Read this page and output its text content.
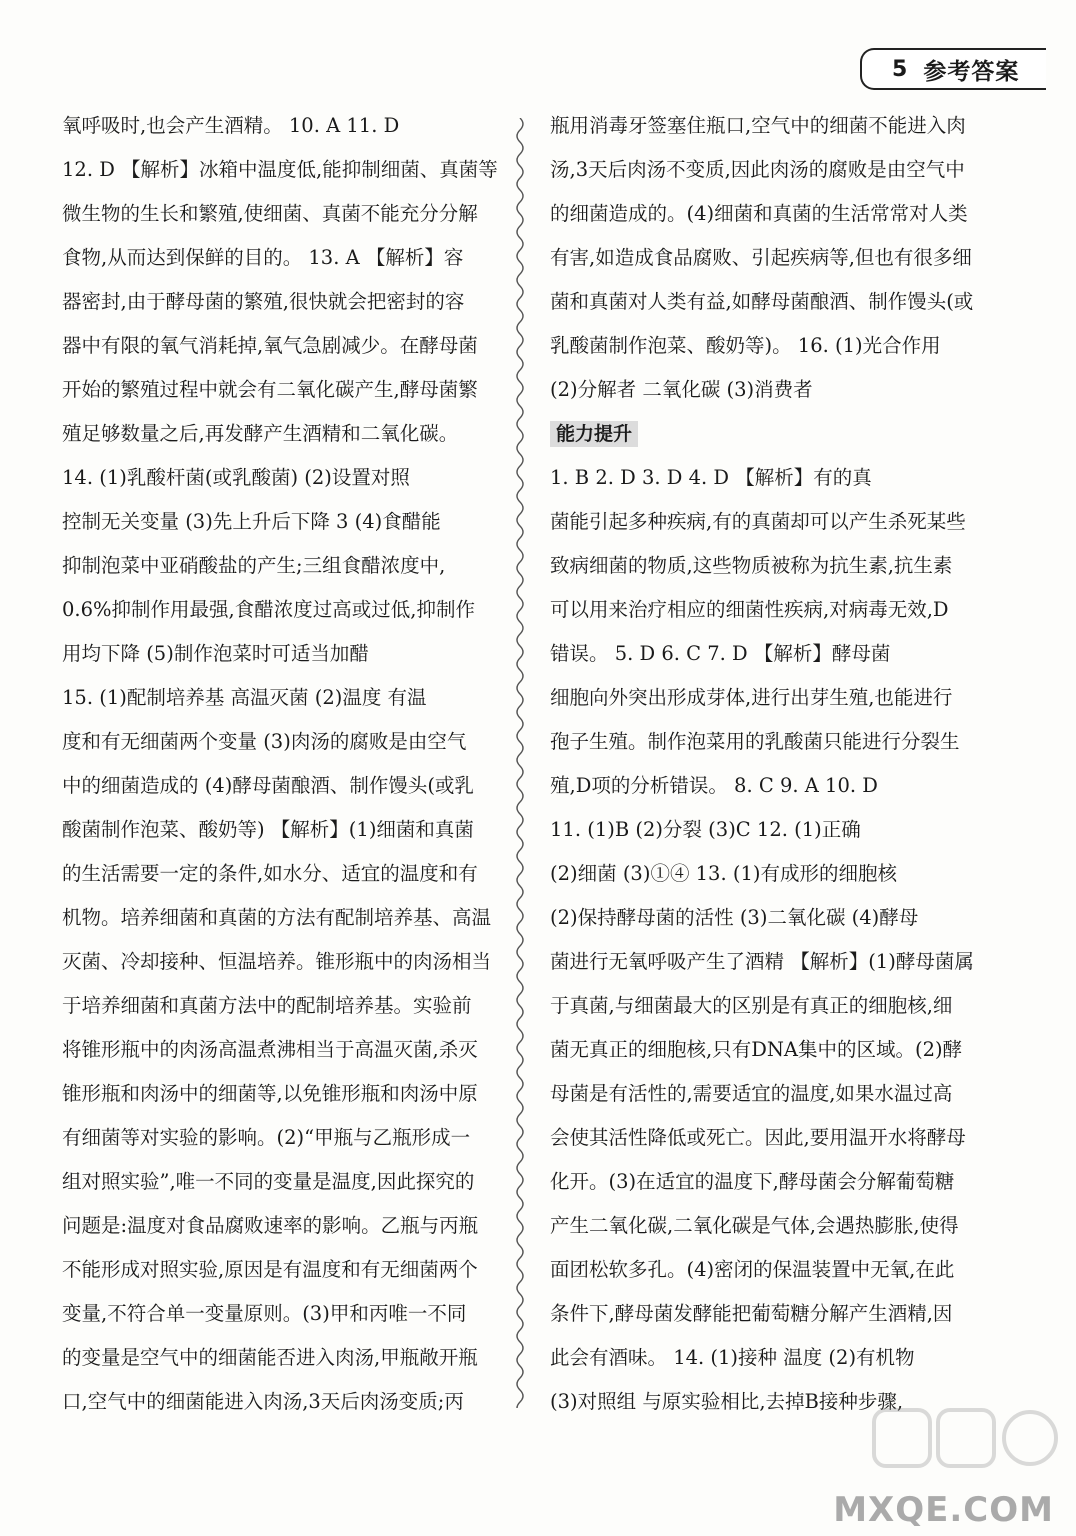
5 参考答案
氧呼吸时,也会产生酒精。 10. A 11. D
12. D 【解析】冰箱中温度低,能抑制细菌、真菌等
微生物的生长和繁殖,使细菌、真菌不能充分分解
食物,从而达到保鲜的目的。 13. A 【解析】容
器密封,由于酵母菌的繁殖,很快就会把密封的容
器中有限的氧气消耗掉,氧气急剧减少。在酵母菌
开始的繁殖过程中就会有二氧化碳产生,酵母菌繁
殖足够数量之后,再发酵产生酒精和二氧化碳。
14. (1)乳酸杆菌(或乳酸菌) (2)设置对照
控制无关变量 (3)先上升后下降 3 (4)食醋能
抑制泡菜中亚硝酸盐的产生;三组食醋浓度中,
0.6%抑制作用最强,食醋浓度过高或过低,抑制作
用均下降 (5)制作泡菜时可适当加醋
15. (1)配制培养基 高温灭菌 (2)温度 有温
度和有无细菌两个变量 (3)肉汤的腐败是由空气
中的细菌造成的 (4)酵母菌酿酒、制作馒头(或乳
酸菌制作泡菜、酸奶等) 【解析】(1)细菌和真菌
的生活需要一定的条件,如水分、适宜的温度和有
机物。培养细菌和真菌的方法有配制培养基、高温
灭菌、冷却接种、恒温培养。锥形瓶中的肉汤相当
于培养细菌和真菌方法中的配制培养基。实验前
将锥形瓶中的肉汤高温煮沸相当于高温灭菌,杀灭
锥形瓶和肉汤中的细菌等,以免锥形瓶和肉汤中原
有细菌等对实验的影响。(2)“甲瓶与乙瓶形成一
组对照实验”,唯一不同的变量是温度,因此探究的
问题是:温度对食品腐败速率的影响。乙瓶与丙瓶
不能形成对照实验,原因是有温度和有无细菌两个
变量,不符合单一变量原则。(3)甲和丙唯一不同
的变量是空气中的细菌能否进入肉汤,甲瓶敞开瓶
口,空气中的细菌能进入肉汤,3天后肉汤变质;丙
瓶用消毒牙签塞住瓶口,空气中的细菌不能进入肉
汤,3天后肉汤不变质,因此肉汤的腐败是由空气中
的细菌造成的。(4)细菌和真菌的生活常常对人类
有害,如造成食品腐败、引起疾病等,但也有很多细
菌和真菌对人类有益,如酵母菌酿酒、制作馒头(或
乳酸菌制作泡菜、酸奶等)。 16. (1)光合作用
(2)分解者 二氧化碳 (3)消费者
能力提升
1. B 2. D 3. D 4. D 【解析】有的真
菌能引起多种疾病,有的真菌却可以产生杀死某些
致病细菌的物质,这些物质被称为抗生素,抗生素
可以用来治疗相应的细菌性疾病,对病毒无效,D
错误。 5. D 6. C 7. D 【解析】酵母菌
细胞向外突出形成芽体,进行出芽生殖,也能进行
孢子生殖。制作泡菜用的乳酸菌只能进行分裂生
殖,D项的分析错误。 8. C 9. A 10. D
11. (1)B (2)分裂 (3)C 12. (1)正确
(2)细菌 (3)①④ 13. (1)有成形的细胞核
(2)保持酵母菌的活性 (3)二氧化碳 (4)酵母
菌进行无氧呼吸产生了酒精 【解析】(1)酵母菌属
于真菌,与细菌最大的区别是有真正的细胞核,细
菌无真正的细胞核,只有DNA集中的区域。(2)酵
母菌是有活性的,需要适宜的温度,如果水温过高
会使其活性降低或死亡。因此,要用温开水将酵母
化开。(3)在适宜的温度下,酵母菌会分解葡萄糖
产生二氧化碳,二氧化碳是气体,会遇热膨胀,使得
面团松软多孔。(4)密闭的保温装置中无氧,在此
条件下,酵母菌发酵能把葡萄糖分解产生酒精,因
此会有酒味。 14. (1)接种 温度 (2)有机物
(3)对照组 与原实验相比,去掉B接种步骤,
MXQE.COM
